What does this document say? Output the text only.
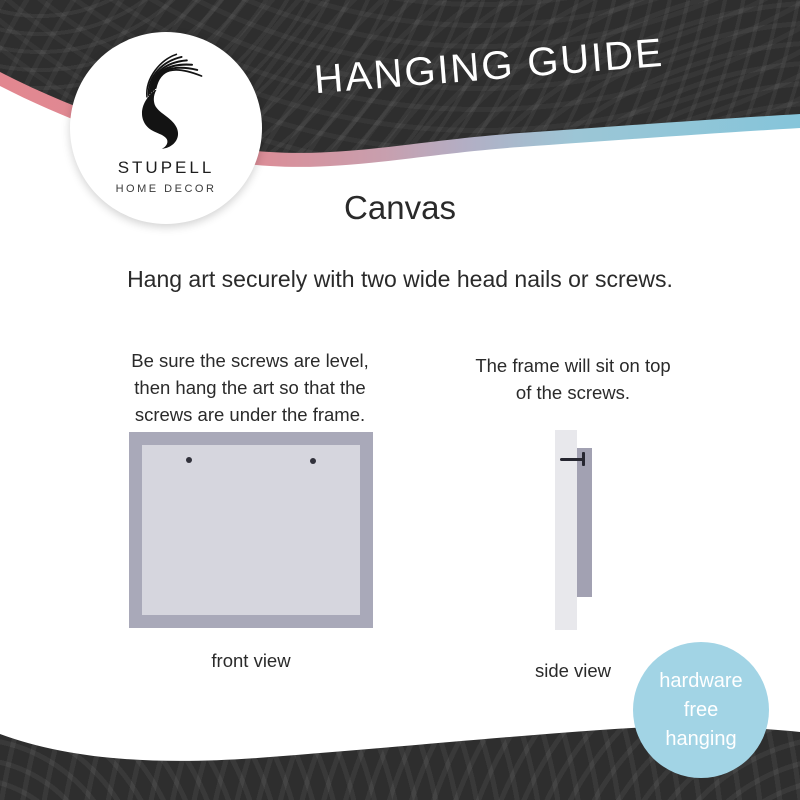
HANGING GUIDE
STUPELL
HOME DECOR	Canvas
Hang art securely with two wide head nails or screws.
Be sure the screws are level,
then hang the art so that the
screws are under the frame.
front view
The frame will sit on top
of the screws.
side view	hardware
free
hanging
